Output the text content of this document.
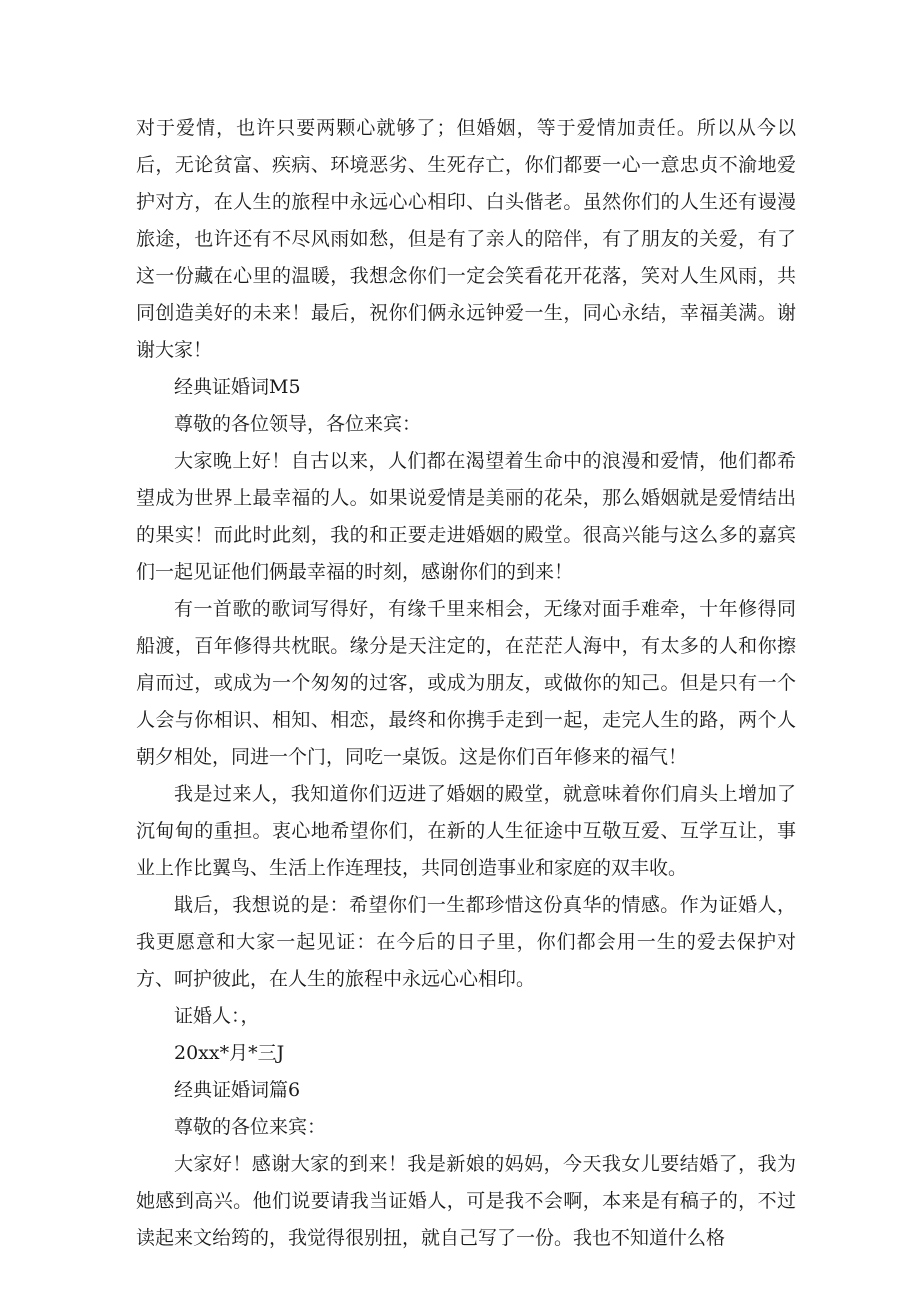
对于爱情，也许只要两颗心就够了；但婚姻，等于爱情加责任。所以从今以后，无论贫富、疾病、环境恶劣、生死存亡，你们都要一心一意忠贞不渝地爱护对方，在人生的旅程中永远心心相印、白头偕老。虽然你们的人生还有谩漫旅途，也许还有不尽风雨如愁，但是有了亲人的陪伴，有了朋友的关爱，有了这一份藏在心里的温暖，我想念你们一定会笑看花开花落，笑对人生风雨，共同创造美好的未来！最后，祝你们俩永远钟爱一生，同心永结，幸福美满。谢谢大家！

经典证婚词M5

尊敬的各位领导，各位来宾：

大家晚上好！自古以来，人们都在渴望着生命中的浪漫和爱情，他们都希望成为世界上最幸福的人。如果说爱情是美丽的花朵，那么婚姻就是爱情结出的果实！而此时此刻，我的和正要走进婚姻的殿堂。很高兴能与这么多的嘉宾们一起见证他们俩最幸福的时刻，感谢你们的到来！

有一首歌的歌词写得好，有缘千里来相会，无缘对面手难牵，十年修得同船渡，百年修得共枕眠。缘分是天注定的，在茫茫人海中，有太多的人和你擦肩而过，或成为一个匆匆的过客，或成为朋友，或做你的知己。但是只有一个人会与你相识、相知、相恋，最终和你携手走到一起，走完人生的路，两个人朝夕相处，同进一个门，同吃一桌饭。这是你们百年修来的福气！

我是过来人，我知道你们迈进了婚姻的殿堂，就意味着你们肩头上增加了沉甸甸的重担。衷心地希望你们，在新的人生征途中互敬互爱、互学互让，事业上作比翼鸟、生活上作连理技，共同创造事业和家庭的双丰收。

戢后，我想说的是：希望你们一生都珍惜这份真华的情感。作为证婚人，我更愿意和大家一起见证：在今后的日子里，你们都会用一生的爱去保护对方、呵护彼此，在人生的旅程中永远心心相印。

证婚人：，

20xx*月*三J

经典证婚词篇6

尊敬的各位来宾：

大家好！感谢大家的到来！我是新娘的妈妈，今天我女儿要结婚了，我为她感到高兴。他们说要请我当证婚人，可是我不会啊，本来是有稿子的，不过读起来文绐筠的，我觉得很别扭，就自己写了一份。我也不知道什么格
